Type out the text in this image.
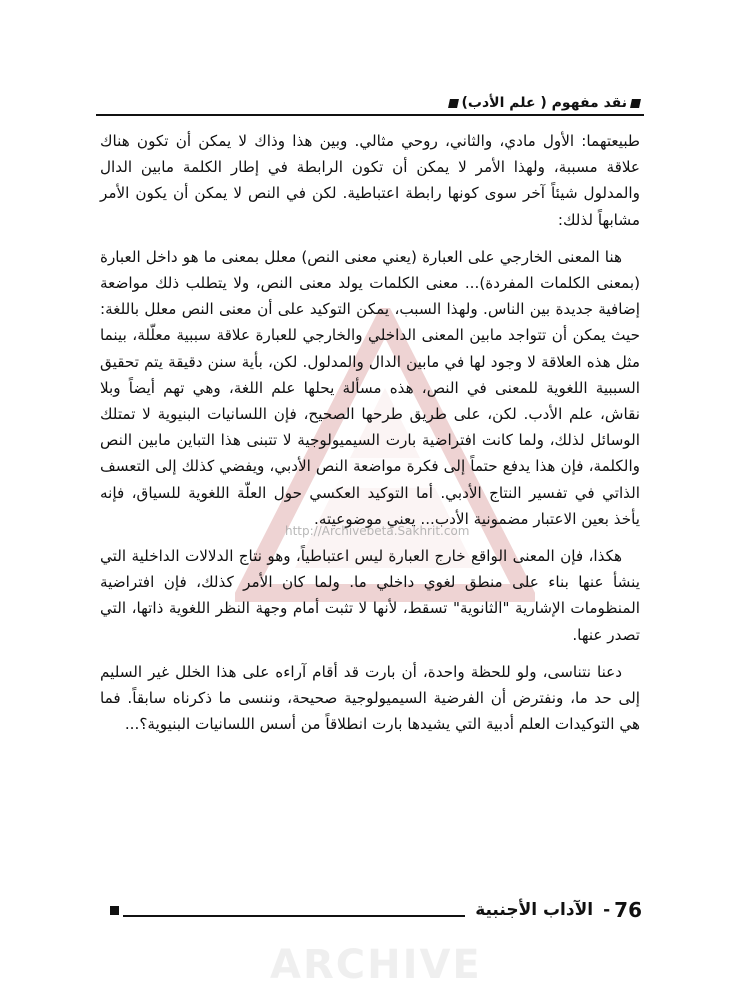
نقد مفهوم ( علم الأدب)
http://Archivebeta.Sakhrit.com

طبيعتهما: الأول مادي، والثاني، روحي مثالي. وبين هذا وذاك لا يمكن أن تكون هناك علاقة مسببة، ولهذا الأمر لا يمكن أن تكون الرابطة في إطار الكلمة مابين الدال والمدلول شيئاً آخر سوى كونها رابطة اعتباطية. لكن في النص لا يمكن أن يكون الأمر مشابهاً لذلك:

هنا المعنى الخارجي على العبارة (يعني معنى النص) معلل بمعنى ما هو داخل العبارة (بمعنى الكلمات المفردة)... معنى الكلمات يولد معنى النص، ولا يتطلب ذلك مواضعة إضافية جديدة بين الناس. ولهذا السبب، يمكن التوكيد على أن معنى النص معلل باللغة: حيث يمكن أن تتواجد مابين المعنى الداخلي والخارجي للعبارة علاقة سببية معلّلة، بينما مثل هذه العلاقة لا وجود لها في مابين الدال والمدلول. لكن، بأية سنن دقيقة يتم تحقيق السببية اللغوية للمعنى في النص، هذه مسألة يحلها علم اللغة، وهي تهم أيضاً وبلا نقاش، علم الأدب. لكن، على طريق طرحها الصحيح، فإن اللسانيات البنيوية لا تمتلك الوسائل لذلك، ولما كانت افتراضية بارت السيميولوجية لا تتبنى هذا التباين مابين النص والكلمة، فإن هذا يدفع حتماً إلى فكرة مواضعة النص الأدبي، ويفضي كذلك إلى التعسف الذاتي في تفسير النتاج الأدبي. أما التوكيد العكسي حول العلّة اللغوية للسياق، فإنه يأخذ بعين الاعتبار مضمونية الأدب... يعني موضوعيته.

هكذا، فإن المعنى الواقع خارج العبارة ليس اعتباطياً، وهو نتاج الدلالات الداخلية التي ينشأ عنها بناء على منطق لغوي داخلي ما. ولما كان الأمر كذلك، فإن افتراضية المنظومات الإشارية "الثانوية" تسقط، لأنها لا تثبت أمام وجهة النظر اللغوية ذاتها، التي تصدر عنها.

دعنا نتناسى، ولو للحظة واحدة، أن بارت قد أقام آراءه على هذا الخلل غير السليم إلى حد ما، ونفترض أن الفرضية السيميولوجية صحيحة، وننسى ما ذكرناه سابقاً. فما هي التوكيدات العلم أدبية التي يشيدها بارت انطلاقاً من أسس اللسانيات البنيوية؟...

الآداب الأجنبية - 76
ARCHIVE
